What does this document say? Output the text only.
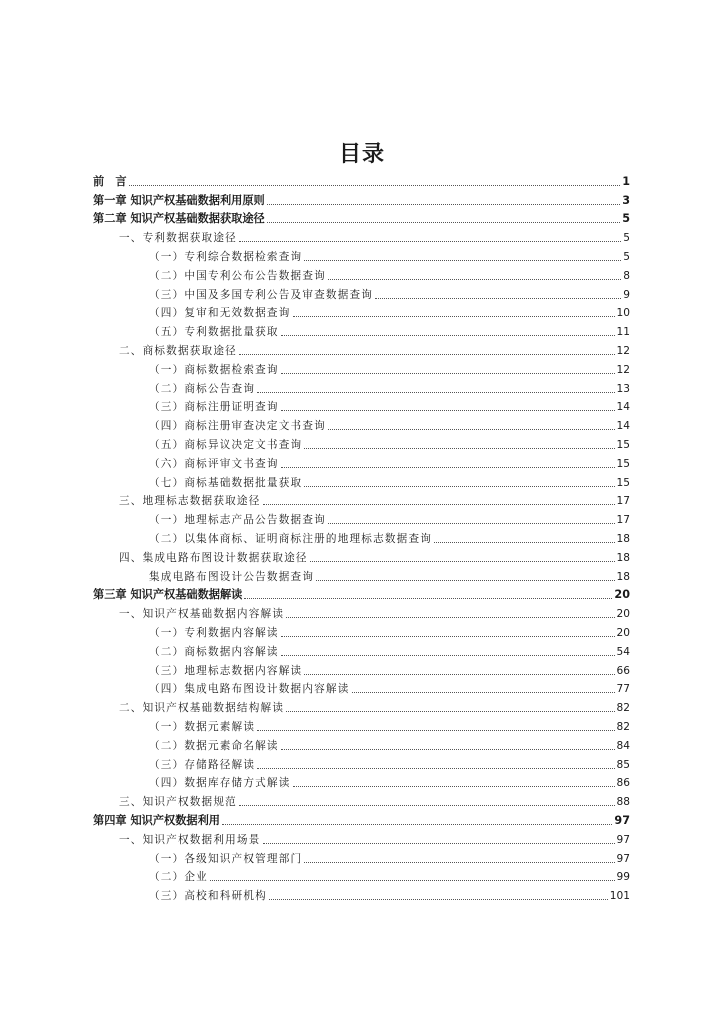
目录
前　言	1
第一章 知识产权基础数据利用原则	3
第二章 知识产权基础数据获取途径	5
一、专利数据获取途径	5
（一）专利综合数据检索查询	5
（二）中国专利公布公告数据查询	8
（三）中国及多国专利公告及审查数据查询	9
（四）复审和无效数据查询	10
（五）专利数据批量获取	11
二、商标数据获取途径	12
（一）商标数据检索查询	12
（二）商标公告查询	13
（三）商标注册证明查询	14
（四）商标注册审查决定文书查询	14
（五）商标异议决定文书查询	15
（六）商标评审文书查询	15
（七）商标基础数据批量获取	15
三、地理标志数据获取途径	17
（一）地理标志产品公告数据查询	17
（二）以集体商标、证明商标注册的地理标志数据查询	18
四、集成电路布图设计数据获取途径	18
集成电路布图设计公告数据查询	18
第三章 知识产权基础数据解读	20
一、知识产权基础数据内容解读	20
（一）专利数据内容解读	20
（二）商标数据内容解读	54
（三）地理标志数据内容解读	66
（四）集成电路布图设计数据内容解读	77
二、知识产权基础数据结构解读	82
（一）数据元素解读	82
（二）数据元素命名解读	84
（三）存储路径解读	85
（四）数据库存储方式解读	86
三、知识产权数据规范	88
第四章 知识产权数据利用	97
一、知识产权数据利用场景	97
（一）各级知识产权管理部门	97
（二）企业	99
（三）高校和科研机构	101
